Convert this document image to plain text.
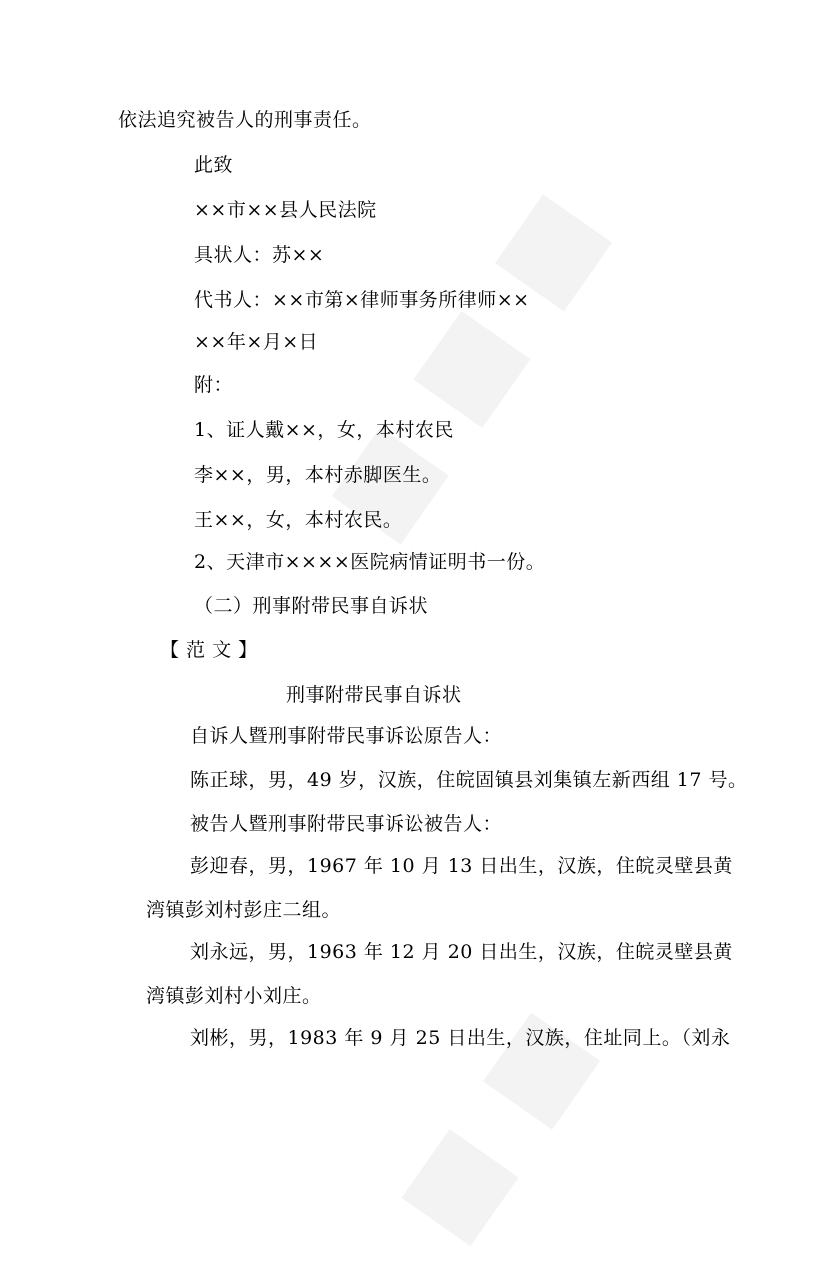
依法追究被告人的刑事责任。
此致
××市××县人民法院
具状人：苏××
代书人：××市第×律师事务所律师××
××年×月×日
附：
1、证人戴××，女，本村农民
李××，男，本村赤脚医生。
王××，女，本村农民。
2、天津市××××医院病情证明书一份。
（二）刑事附带民事自诉状
【 范 文 】
刑事附带民事自诉状
自诉人暨刑事附带民事诉讼原告人：
陈正球，男，49 岁，汉族，住皖固镇县刘集镇左新西组 17 号。
被告人暨刑事附带民事诉讼被告人：
彭迎春，男，1967 年 10 月 13 日出生，汉族，住皖灵壁县黄
湾镇彭刘村彭庄二组。
刘永远，男，1963 年 12 月 20 日出生，汉族，住皖灵壁县黄
湾镇彭刘村小刘庄。
刘彬，男，1983 年 9 月 25 日出生，汉族，住址同上。（刘永
